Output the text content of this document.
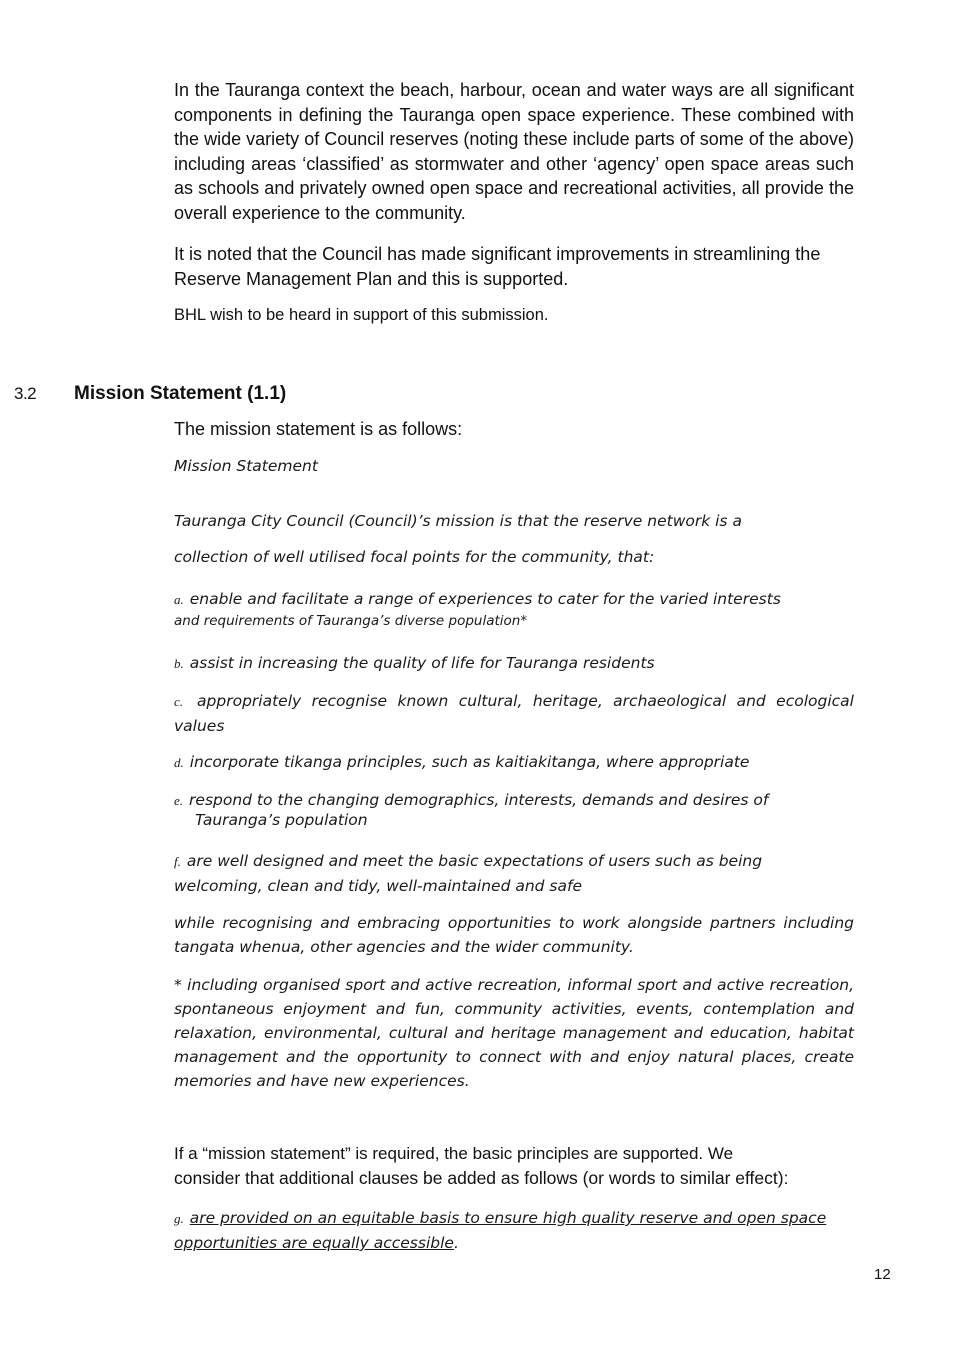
In the Tauranga context the beach, harbour, ocean and water ways are all significant components in defining the Tauranga open space experience. These combined with the wide variety of Council reserves (noting these include parts of some of the above) including areas ‘classified’ as stormwater and other ‘agency’ open space areas such as schools and privately owned open space and recreational activities, all provide the overall experience to the community.
It is noted that the Council has made significant improvements in streamlining the Reserve Management Plan and this is supported.
BHL wish to be heard in support of this submission.
3.2 Mission Statement (1.1)
The mission statement is as follows:
Mission Statement
Tauranga City Council (Council)’s mission is that the reserve network is a
collection of well utilised focal points for the community, that:
a. enable and facilitate a range of experiences to cater for the varied interests
and requirements of Tauranga’s diverse population*
b. assist in increasing the quality of life for Tauranga residents
c. appropriately recognise known cultural, heritage, archaeological and ecological values
d. incorporate tikanga principles, such as kaitiakitanga, where appropriate
e. respond to the changing demographics, interests, demands and desires of
Tauranga’s population
f. are well designed and meet the basic expectations of users such as being welcoming, clean and tidy, well-maintained and safe
while recognising and embracing opportunities to work alongside partners including tangata whenua, other agencies and the wider community.
* including organised sport and active recreation, informal sport and active recreation, spontaneous enjoyment and fun, community activities, events, contemplation and relaxation, environmental, cultural and heritage management and education, habitat management and the opportunity to connect with and enjoy natural places, create memories and have new experiences.
If a “mission statement” is required, the basic principles are supported. We
consider that additional clauses be added as follows (or words to similar effect):
g. are provided on an equitable basis to ensure high quality reserve and open space opportunities are equally accessible.
12
